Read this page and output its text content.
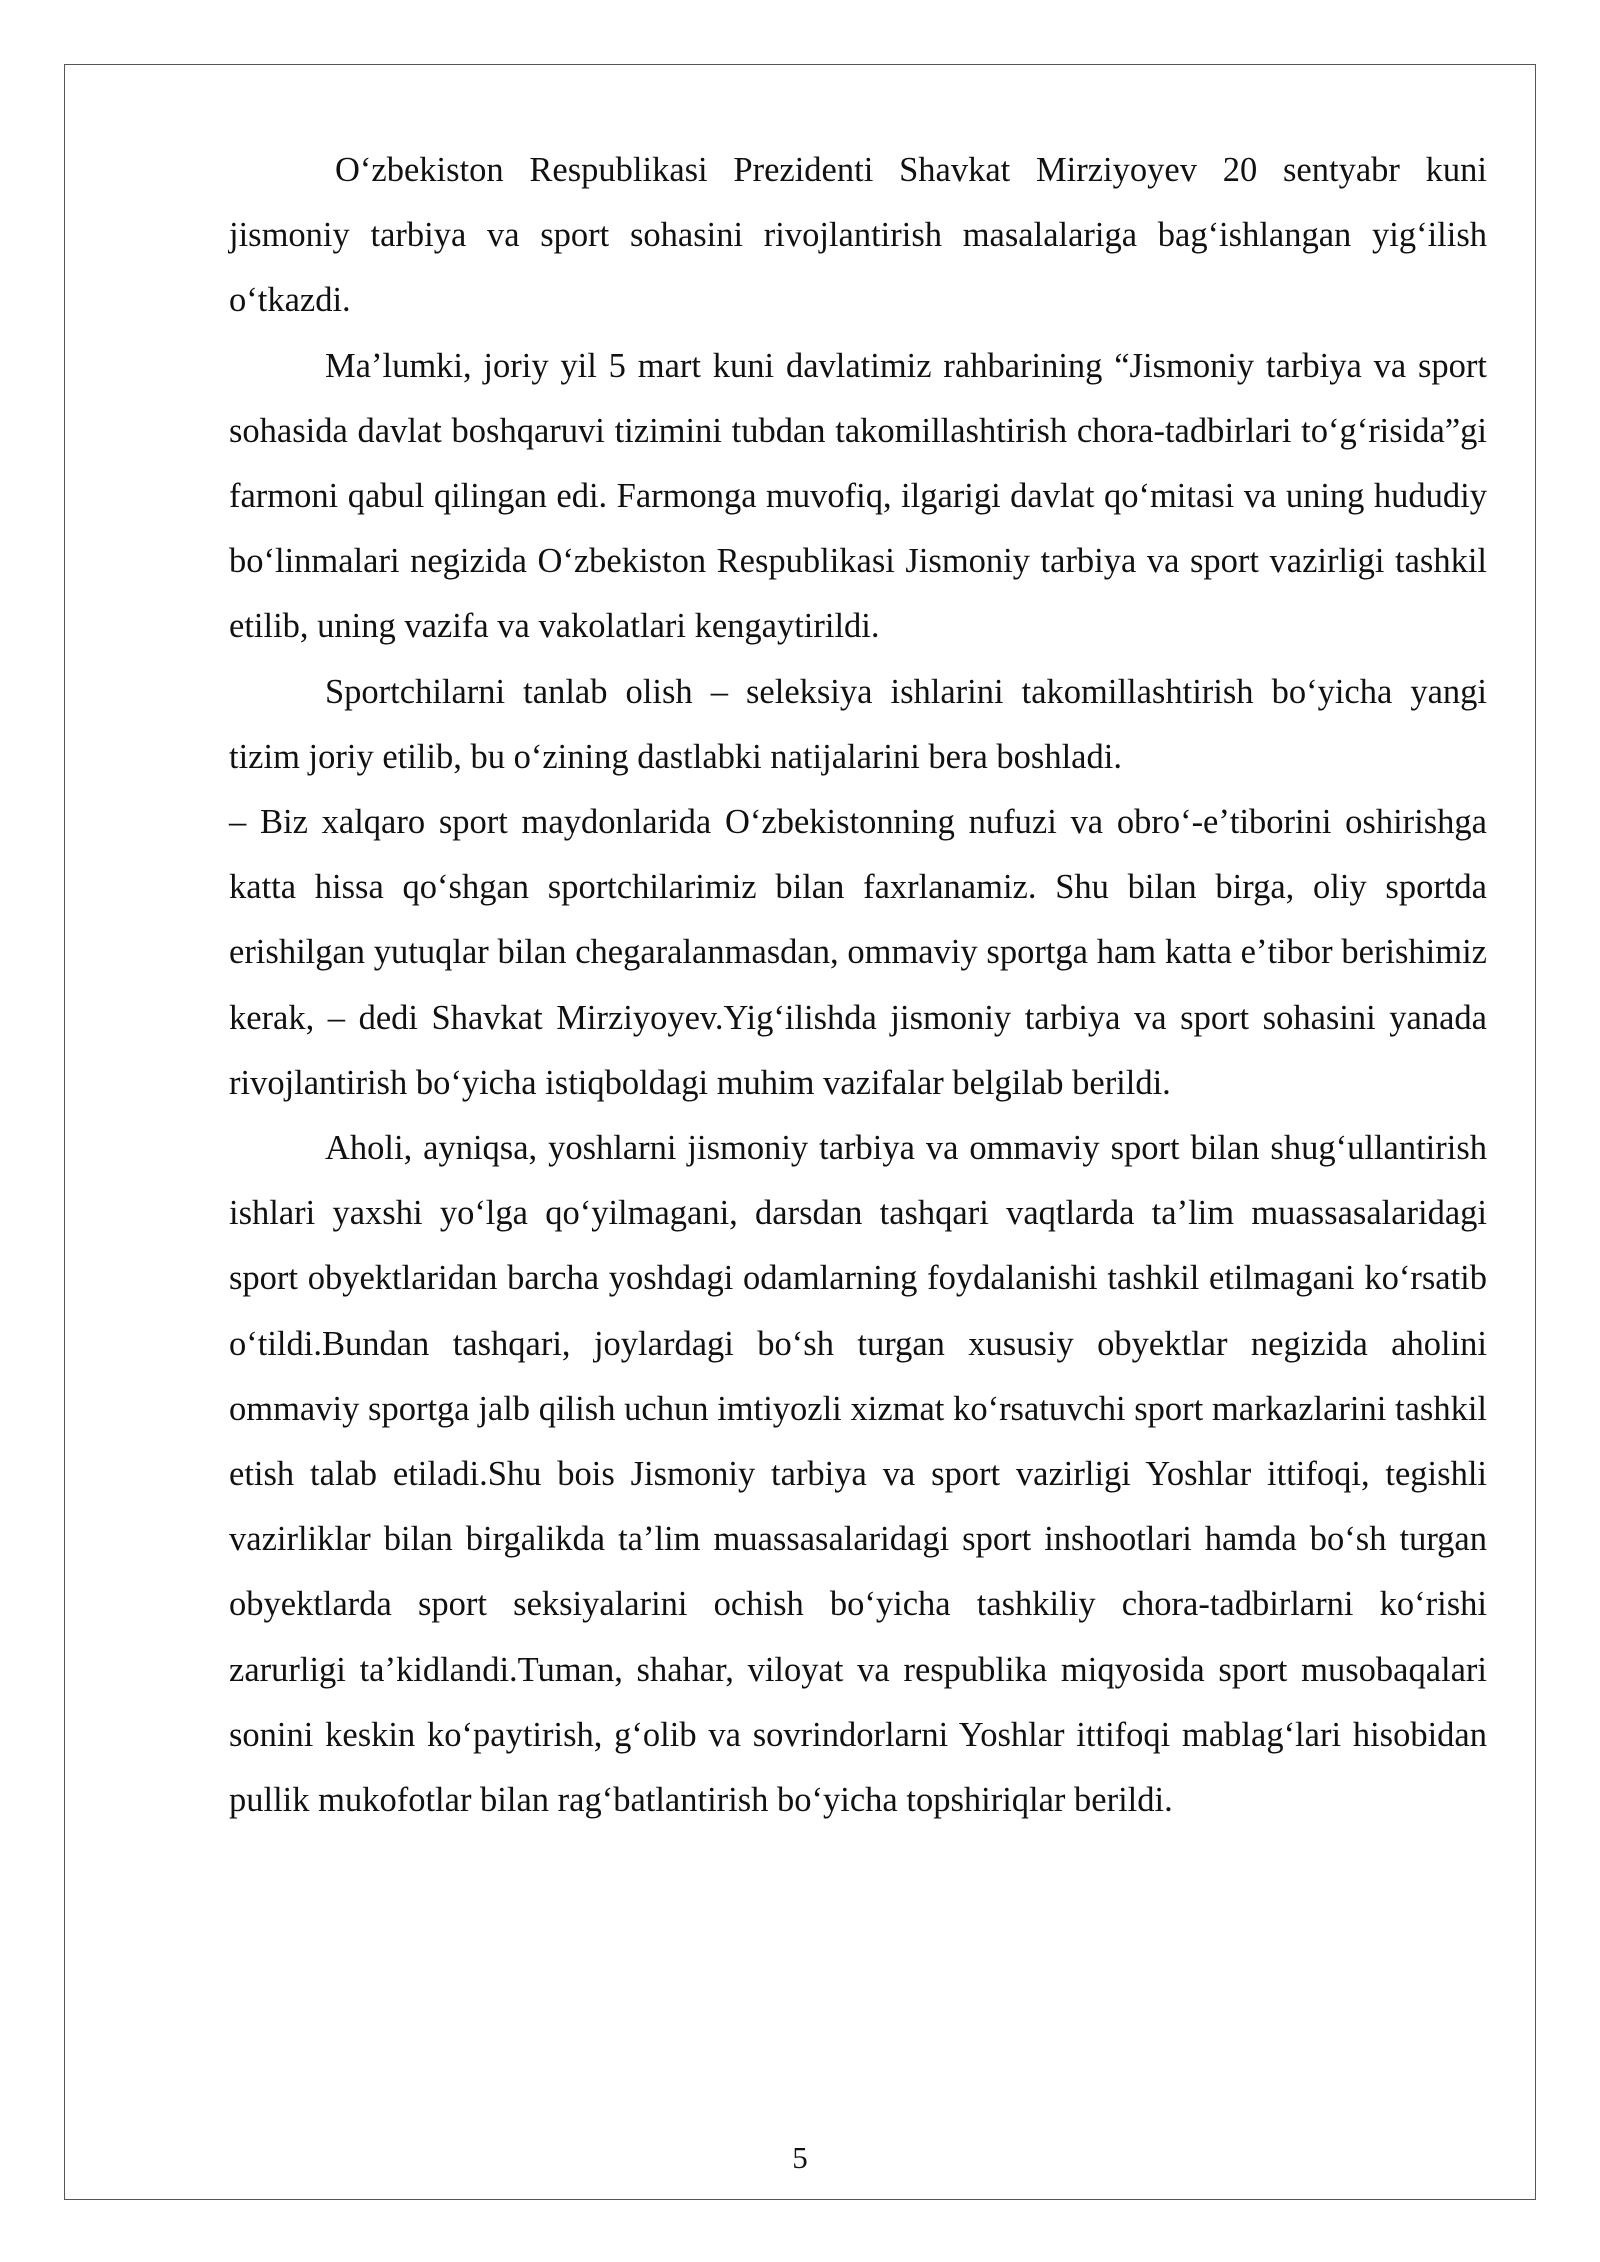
Oʻzbekiston Respublikasi Prezidenti Shavkat Mirziyoyev 20 sentyabr kuni jismoniy tarbiya va sport sohasini rivojlantirish masalalariga bagʻishlangan yigʻilish oʻtkazdi.

Maʼlumki, joriy yil 5 mart kuni davlatimiz rahbarining “Jismoniy tarbiya va sport sohasida davlat boshqaruvi tizimini tubdan takomillashtirish chora-tadbirlari toʻgʻrisida”gi farmoni qabul qilingan edi. Farmonga muvofiq, ilgarigi davlat qoʻmitasi va uning hududiy boʻlinmalari negizida Oʻzbekiston Respublikasi Jismoniy tarbiya va sport vazirligi tashkil etilib, uning vazifa va vakolatlari kengaytirildi.

Sportchilarni tanlab olish – seleksiya ishlarini takomillashtirish boʻyicha yangi tizim joriy etilib, bu oʻzining dastlabki natijalarini bera boshladi.

– Biz xalqaro sport maydonlarida Oʻzbekistonning nufuzi va obroʻ-eʼtiborini oshirishga katta hissa qoʻshgan sportchilarimiz bilan faxrlanamiz. Shu bilan birga, oliy sportda erishilgan yutuqlar bilan chegaralanmasdan, ommaviy sportga ham katta eʼtibor berishimiz kerak, – dedi Shavkat Mirziyoyev.Yigʻilishda jismoniy tarbiya va sport sohasini yanada rivojlantirish boʻyicha istiqboldagi muhim vazifalar belgilab berildi.

Aholi, ayniqsa, yoshlarni jismoniy tarbiya va ommaviy sport bilan shugʻullantirish ishlari yaxshi yoʻlga qoʻyilmagani, darsdan tashqari vaqtlarda taʼlim muassasalaridagi sport obyektlaridan barcha yoshdagi odamlarning foydalanishi tashkil etilmagani koʻrsatib oʻtildi.Bundan tashqari, joylardagi boʻsh turgan xususiy obyektlar negizida aholini ommaviy sportga jalb qilish uchun imtiyozli xizmat koʻrsatuvchi sport markazlarini tashkil etish talab etiladi.Shu bois Jismoniy tarbiya va sport vazirligi Yoshlar ittifoqi, tegishli vazirliklar bilan birgalikda taʼlim muassasalaridagi sport inshootlari hamda boʻsh turgan obyektlarda sport seksiyalarini ochish boʻyicha tashkiliy chora-tadbirlarni koʻrishi zarurligi taʼkidlandi.Tuman, shahar, viloyat va respublika miqyosida sport musobaqalari sonini keskin koʻpaytirish, gʻolib va sovrindorlarni Yoshlar ittifoqi mablagʻlari hisobidan pullik mukofotlar bilan ragʻbatlantirish boʻyicha topshiriqlar berildi.

5
